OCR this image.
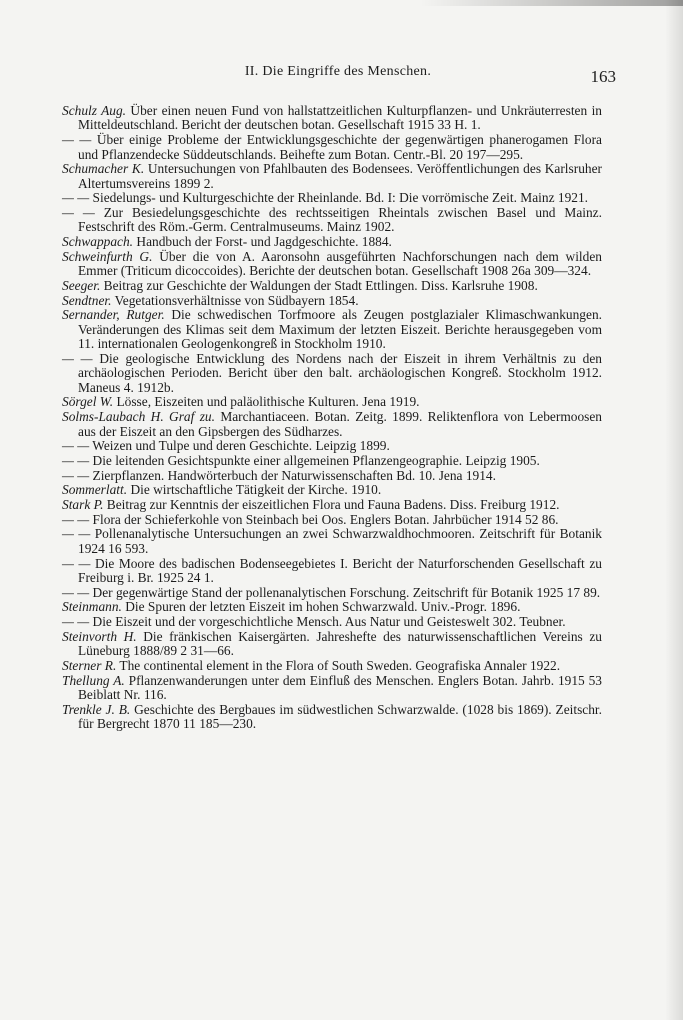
II. Die Eingriffe des Menschen.	163
Schulz Aug. Über einen neuen Fund von hallstattzeitlichen Kulturpflanzen- und Unkräuterresten in Mitteldeutschland. Bericht der deutschen botan. Gesellschaft 1915 33 H. 1.
— — Über einige Probleme der Entwicklungsgeschichte der gegenwärtigen phanerogamen Flora und Pflanzendecke Süddeutschlands. Beihefte zum Botan. Centr.-Bl. 20 197—295.
Schumacher K. Untersuchungen von Pfahlbauten des Bodensees. Veröffentlichungen des Karlsruher Altertumsvereins 1899 2.
— — Siedelungs- und Kulturgeschichte der Rheinlande. Bd. I: Die vorrömische Zeit. Mainz 1921.
— — Zur Besiedelungsgeschichte des rechtsseitigen Rheintals zwischen Basel und Mainz. Festschrift des Röm.-Germ. Centralmuseums. Mainz 1902.
Schwappach. Handbuch der Forst- und Jagdgeschichte. 1884.
Schweinfurth G. Über die von A. Aaronsohn ausgeführten Nachforschungen nach dem wilden Emmer (Triticum dicoccoides). Berichte der deutschen botan. Gesellschaft 1908 26a 309—324.
Seeger. Beitrag zur Geschichte der Waldungen der Stadt Ettlingen. Diss. Karlsruhe 1908.
Sendtner. Vegetationsverhältnisse von Südbayern 1854.
Sernander, Rutger. Die schwedischen Torfmoore als Zeugen postglazialer Klimaschwankungen. Veränderungen des Klimas seit dem Maximum der letzten Eiszeit. Berichte herausgegeben vom 11. internationalen Geologenkongreß in Stockholm 1910.
— — Die geologische Entwicklung des Nordens nach der Eiszeit in ihrem Verhältnis zu den archäologischen Perioden. Bericht über den balt. archäologischen Kongreß. Stockholm 1912. Maneus 4. 1912b.
Sörgel W. Lösse, Eiszeiten und paläolithische Kulturen. Jena 1919.
Solms-Laubach H. Graf zu. Marchantiaceen. Botan. Zeitg. 1899. Reliktenflora von Lebermoosen aus der Eiszeit an den Gipsbergen des Südharzes.
— — Weizen und Tulpe und deren Geschichte. Leipzig 1899.
— — Die leitenden Gesichtspunkte einer allgemeinen Pflanzengeographie. Leipzig 1905.
— — Zierpflanzen. Handwörterbuch der Naturwissenschaften Bd. 10. Jena 1914.
Sommerlatt. Die wirtschaftliche Tätigkeit der Kirche. 1910.
Stark P. Beitrag zur Kenntnis der eiszeitlichen Flora und Fauna Badens. Diss. Freiburg 1912.
— — Flora der Schieferkohle von Steinbach bei Oos. Englers Botan. Jahrbücher 1914 52 86.
— — Pollenanalytische Untersuchungen an zwei Schwarzwaldhochmooren. Zeitschrift für Botanik 1924 16 593.
— — Die Moore des badischen Bodenseegebietes I. Bericht der Naturforschenden Gesellschaft zu Freiburg i. Br. 1925 24 1.
— — Der gegenwärtige Stand der pollenanalytischen Forschung. Zeitschrift für Botanik 1925 17 89.
Steinmann. Die Spuren der letzten Eiszeit im hohen Schwarzwald. Univ.-Progr. 1896.
— — Die Eiszeit und der vorgeschichtliche Mensch. Aus Natur und Geisteswelt 302. Teubner.
Steinvorth H. Die fränkischen Kaisergärten. Jahreshefte des naturwissenschaftlichen Vereins zu Lüneburg 1888/89 2 31—66.
Sterner R. The continental element in the Flora of South Sweden. Geografiska Annaler 1922.
Thellung A. Pflanzenwanderungen unter dem Einfluß des Menschen. Englers Botan. Jahrb. 1915 53 Beiblatt Nr. 116.
Trenkle J. B. Geschichte des Bergbaues im südwestlichen Schwarzwalde. (1028 bis 1869). Zeitschr. für Bergrecht 1870 11 185—230.
